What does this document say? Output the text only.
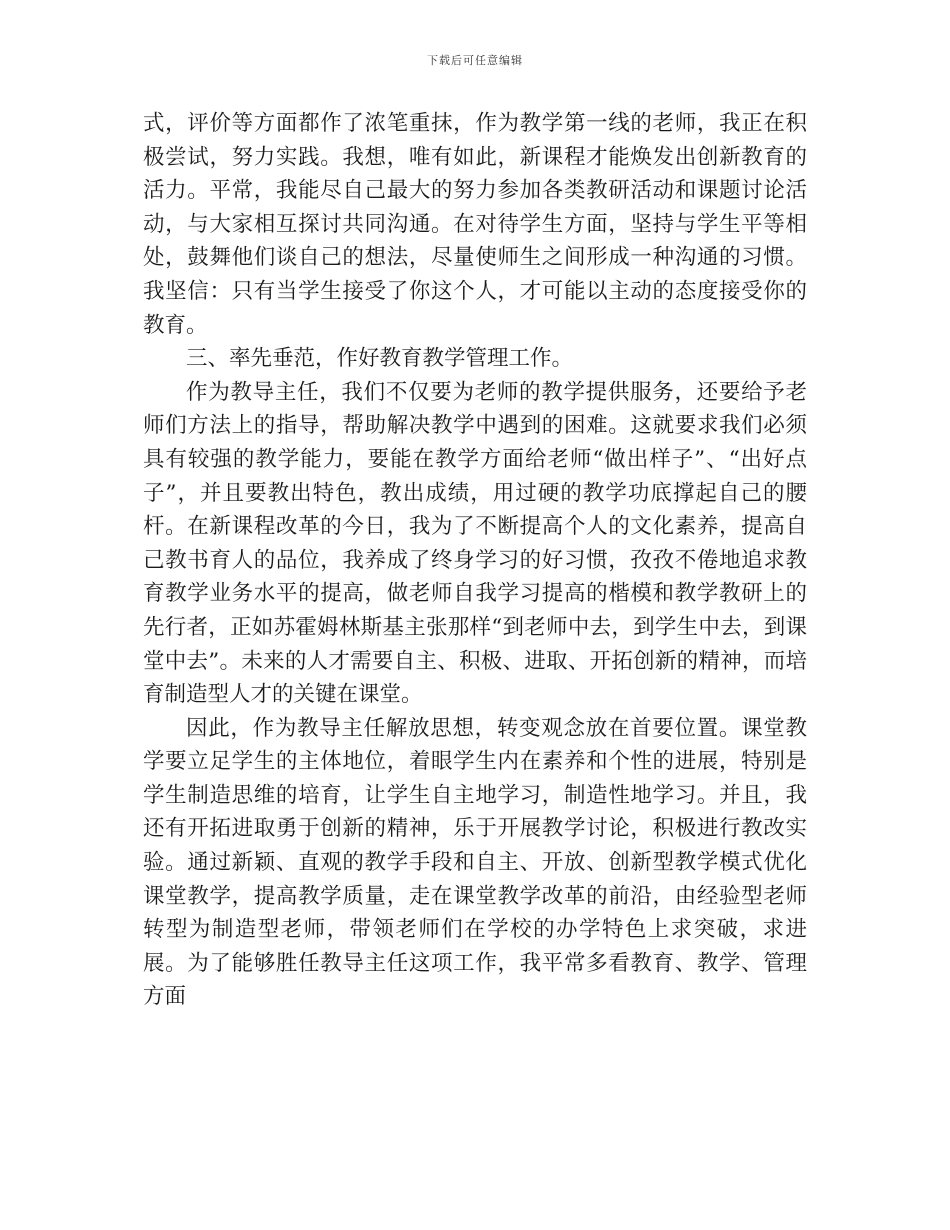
下载后可任意编辑

式，评价等方面都作了浓笔重抹，作为教学第一线的老师，我正在积极尝试，努力实践。我想，唯有如此，新课程才能焕发出创新教育的活力。平常，我能尽自己最大的努力参加各类教研活动和课题讨论活动，与大家相互探讨共同沟通。在对待学生方面，坚持与学生平等相处，鼓舞他们谈自己的想法，尽量使师生之间形成一种沟通的习惯。我坚信：只有当学生接受了你这个人，才可能以主动的态度接受你的教育。

三、率先垂范，作好教育教学管理工作。

作为教导主任，我们不仅要为老师的教学提供服务，还要给予老师们方法上的指导，帮助解决教学中遇到的困难。这就要求我们必须具有较强的教学能力，要能在教学方面给老师“做出样子”、“出好点子”，并且要教出特色，教出成绩，用过硬的教学功底撑起自己的腰杆。在新课程改革的今日，我为了不断提高个人的文化素养，提高自己教书育人的品位，我养成了终身学习的好习惯，孜孜不倦地追求教育教学业务水平的提高，做老师自我学习提高的楷模和教学教研上的先行者，正如苏霍姆林斯基主张那样“到老师中去，到学生中去，到课堂中去”。未来的人才需要自主、积极、进取、开拓创新的精神，而培育制造型人才的关键在课堂。

因此，作为教导主任解放思想，转变观念放在首要位置。课堂教学要立足学生的主体地位，着眼学生内在素养和个性的进展，特别是学生制造思维的培育，让学生自主地学习，制造性地学习。并且，我还有开拓进取勇于创新的精神，乐于开展教学讨论，积极进行教改实验。通过新颖、直观的教学手段和自主、开放、创新型教学模式优化课堂教学，提高教学质量，走在课堂教学改革的前沿，由经验型老师转型为制造型老师，带领老师们在学校的办学特色上求突破，求进展。为了能够胜任教导主任这项工作，我平常多看教育、教学、管理方面
